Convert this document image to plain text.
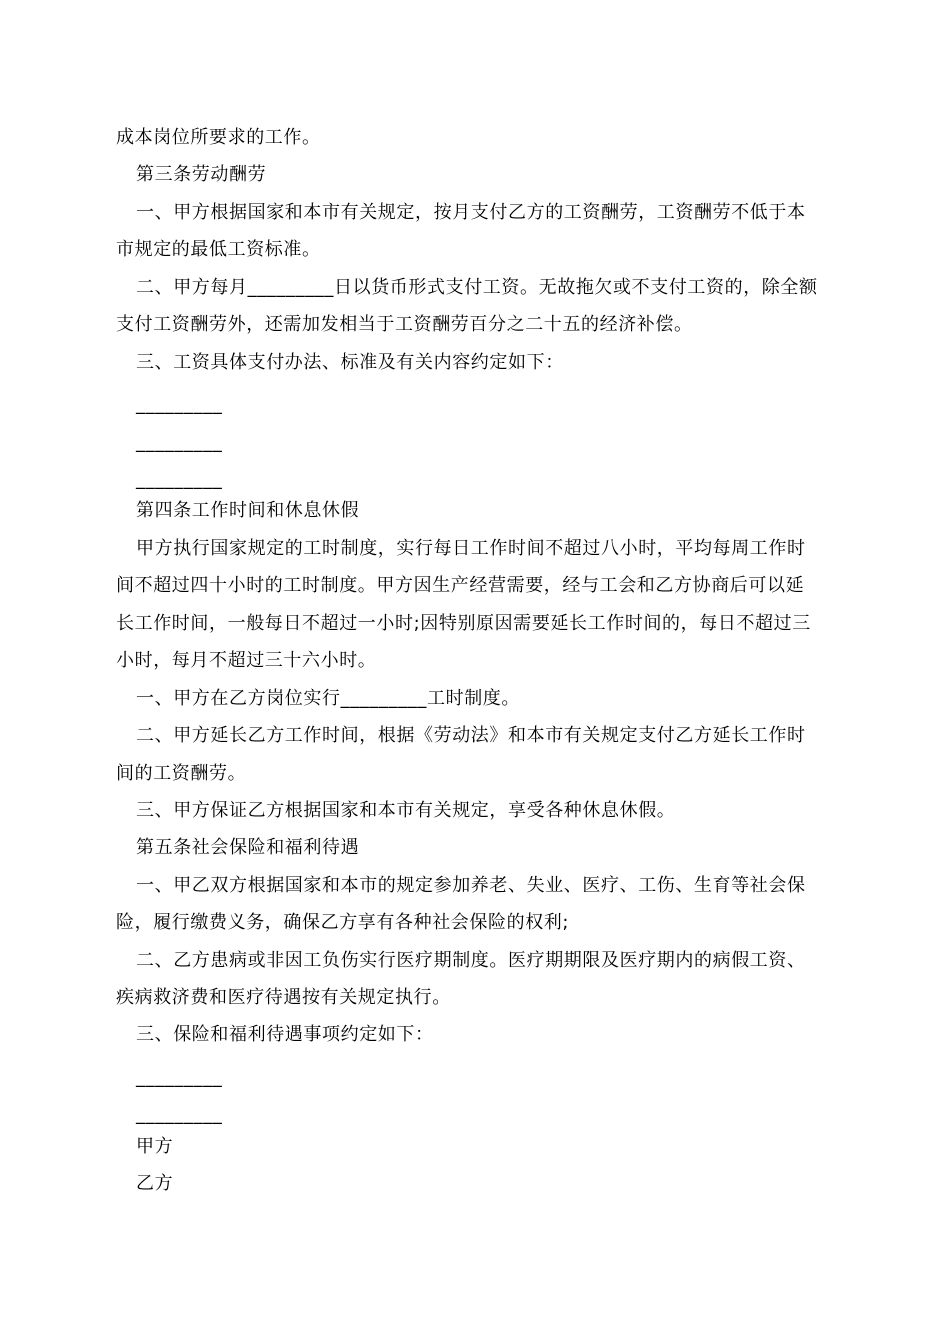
成本岗位所要求的工作。
第三条劳动酬劳
一、甲方根据国家和本市有关规定，按月支付乙方的工资酬劳，工资酬劳不低于本
市规定的最低工资标准。
二、甲方每月_________日以货币形式支付工资。无故拖欠或不支付工资的，除全额
支付工资酬劳外，还需加发相当于工资酬劳百分之二十五的经济补偿。
三、工资具体支付办法、标准及有关内容约定如下：
_________
_________
_________
第四条工作时间和休息休假
甲方执行国家规定的工时制度，实行每日工作时间不超过八小时，平均每周工作时
间不超过四十小时的工时制度。甲方因生产经营需要，经与工会和乙方协商后可以延
长工作时间，一般每日不超过一小时;因特别原因需要延长工作时间的，每日不超过三
小时，每月不超过三十六小时。
一、甲方在乙方岗位实行_________工时制度。
二、甲方延长乙方工作时间，根据《劳动法》和本市有关规定支付乙方延长工作时
间的工资酬劳。
三、甲方保证乙方根据国家和本市有关规定，享受各种休息休假。
第五条社会保险和福利待遇
一、甲乙双方根据国家和本市的规定参加养老、失业、医疗、工伤、生育等社会保
险，履行缴费义务，确保乙方享有各种社会保险的权利;
二、乙方患病或非因工负伤实行医疗期制度。医疗期期限及医疗期内的病假工资、
疾病救济费和医疗待遇按有关规定执行。
三、保险和福利待遇事项约定如下：
_________
_________
甲方
乙方
